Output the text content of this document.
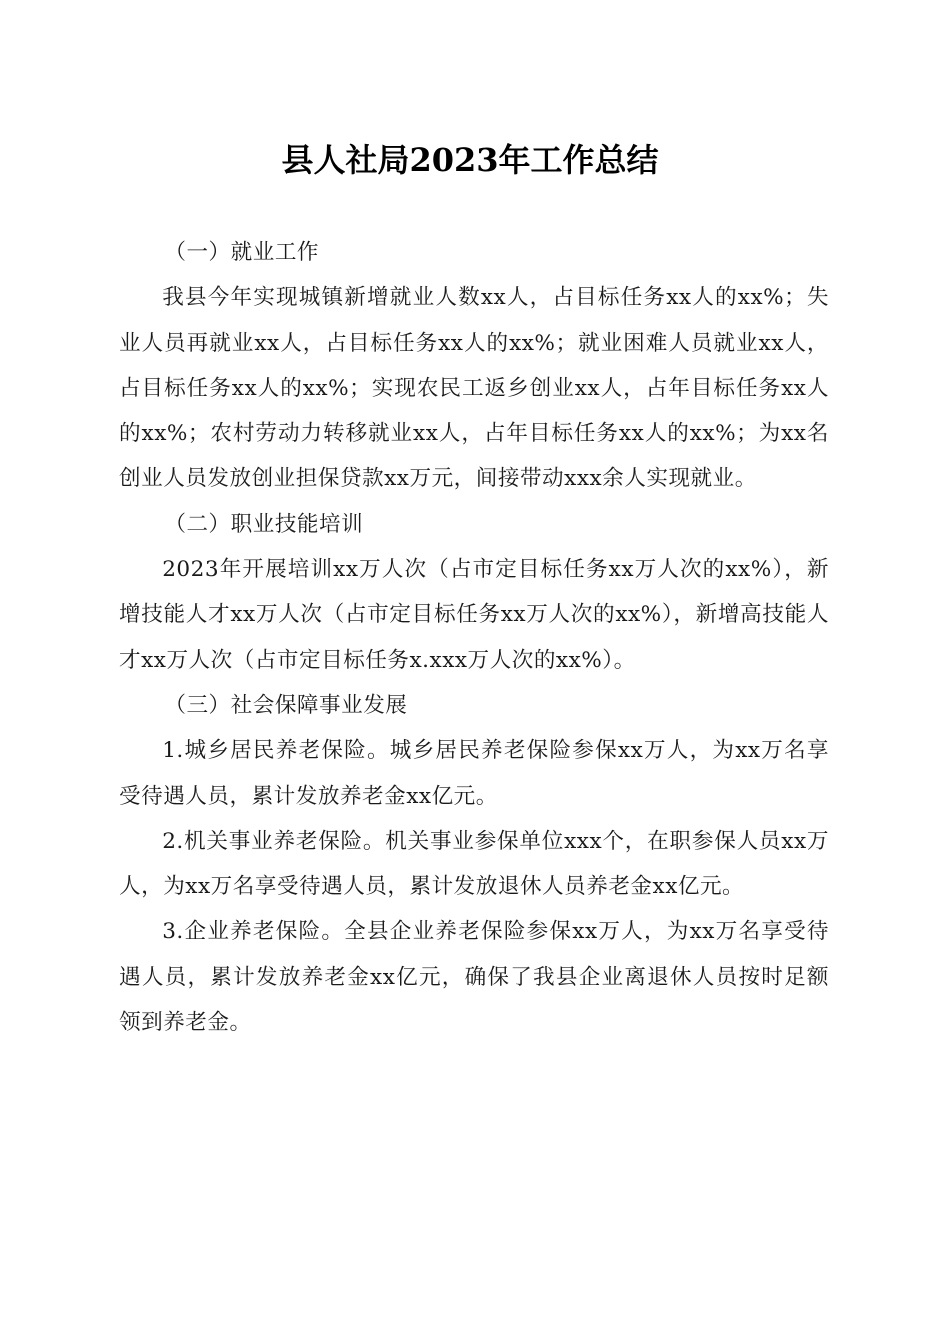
县人社局2023年工作总结

（一）就业工作

我县今年实现城镇新增就业人数xx人，占目标任务xx人的xx%；失业人员再就业xx人，占目标任务xx人的xx%；就业困难人员就业xx人，占目标任务xx人的xx%；实现农民工返乡创业xx人，占年目标任务xx人的xx%；农村劳动力转移就业xx人，占年目标任务xx人的xx%；为xx名创业人员发放创业担保贷款xx万元，间接带动xxx余人实现就业。

（二）职业技能培训

2023年开展培训xx万人次（占市定目标任务xx万人次的xx%），新增技能人才xx万人次（占市定目标任务xx万人次的xx%），新增高技能人才xx万人次（占市定目标任务x.xxx万人次的xx%）。

（三）社会保障事业发展

1.城乡居民养老保险。城乡居民养老保险参保xx万人，为xx万名享受待遇人员，累计发放养老金xx亿元。

2.机关事业养老保险。机关事业参保单位xxx个，在职参保人员xx万人，为xx万名享受待遇人员，累计发放退休人员养老金xx亿元。

3.企业养老保险。全县企业养老保险参保xx万人，为xx万名享受待遇人员，累计发放养老金xx亿元，确保了我县企业离退休人员按时足额领到养老金。
